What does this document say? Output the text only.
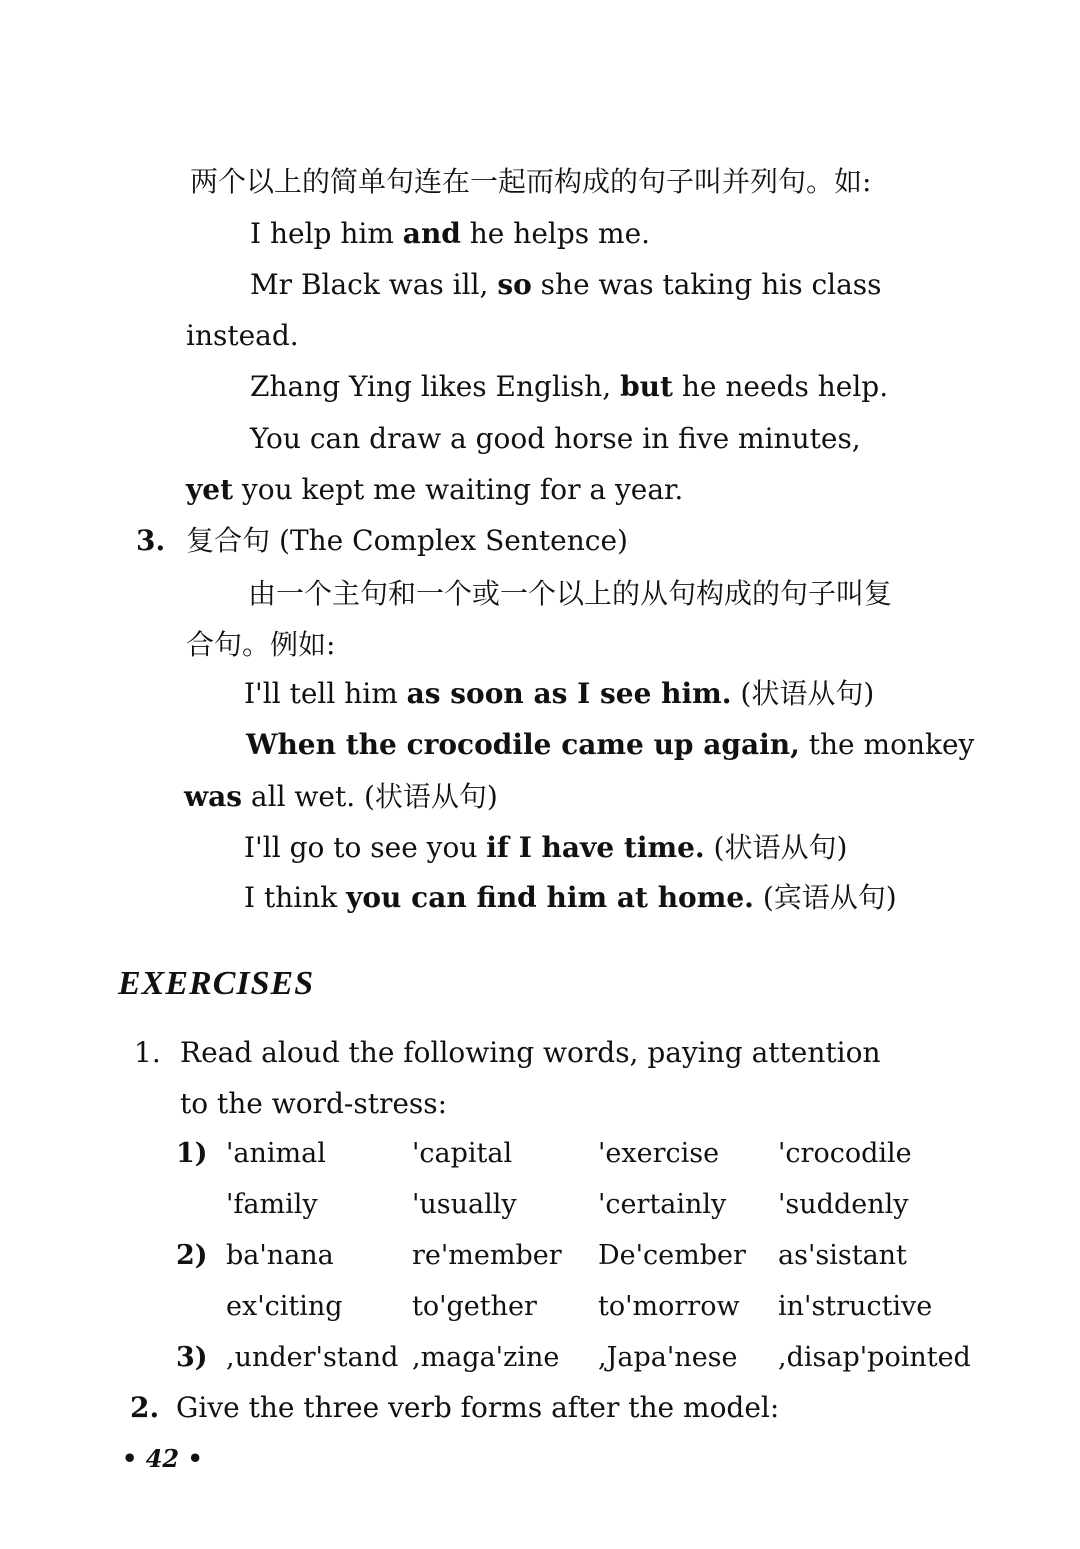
两个以上的简单句连在一起而构成的句子叫并列句。如:
I help him and he helps me.
Mr Black was ill, so she was taking his class
instead.
Zhang Ying likes English, but he needs help.
You can draw a good horse in five minutes,
yet you kept me waiting for a year.
3. 复合句 (The Complex Sentence)
由一个主句和一个或一个以上的从句构成的句子叫复
合句。例如:
I'll tell him as soon as I see him. (状语从句)
When the crocodile came up again, the monkey
was all wet. (状语从句)
I'll go to see you if I have time. (状语从句)
I think you can find him at home. (宾语从句)
EXERCISES
1. Read aloud the following words, paying attention
to the word-stress:
1) 'animal	'capital	'exercise 'crocodile
'family	'usually	'certainly 'suddenly
2) ba'nana	re'member De'cember as'sistant
ex'citing	to'gether to'morrow in'structive
3) ,under'stand ,maga'zine ,Japa'nese ,disap'pointed
2. Give the three verb forms after the model:
• 42 •
